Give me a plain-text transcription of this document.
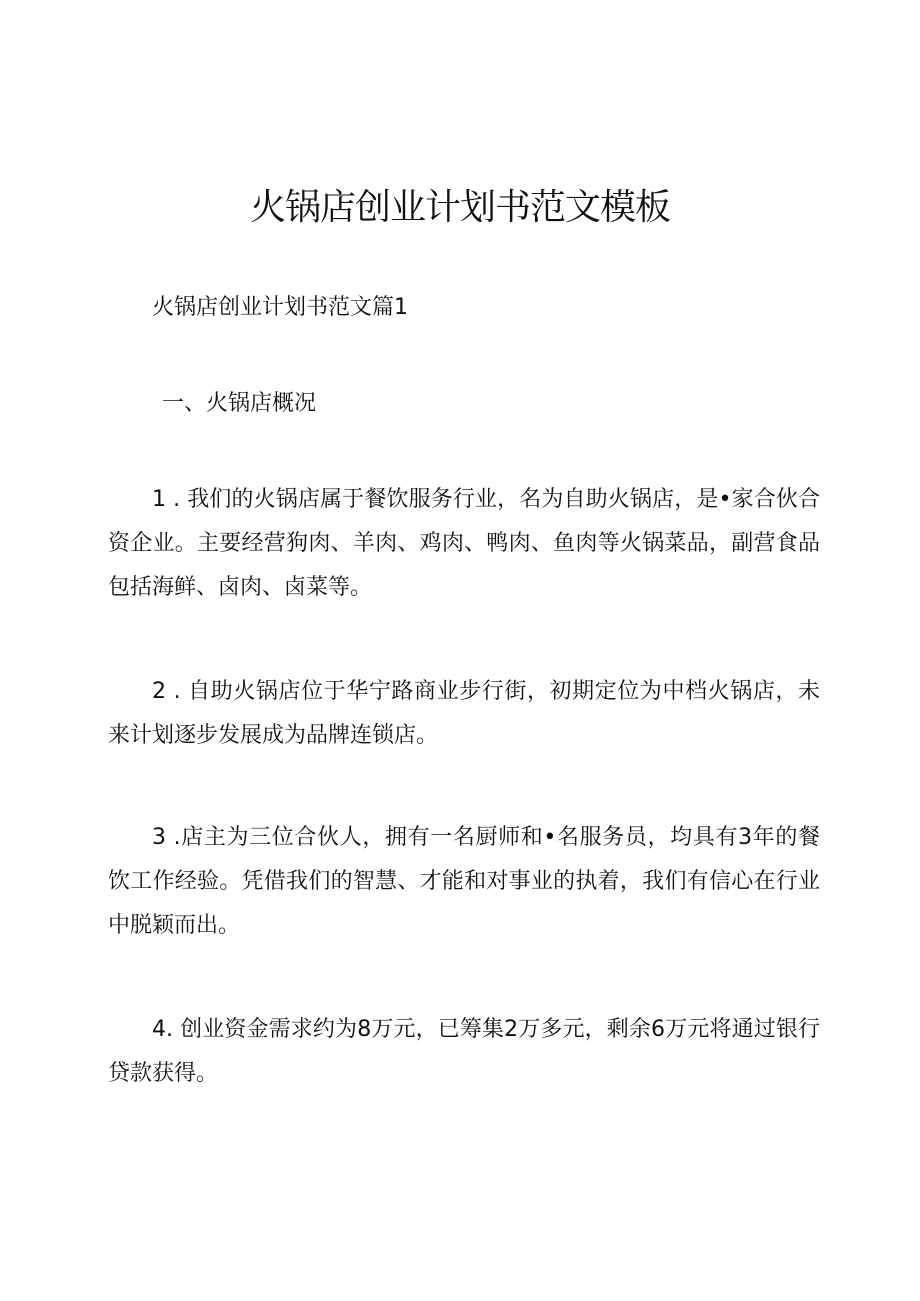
火锅店创业计划书范文模板

火锅店创业计划书范文篇1

一、火锅店概况

1 . 我们的火锅店属于餐饮服务行业，名为自助火锅店，是•家合伙合资企业。主要经营狗肉、羊肉、鸡肉、鸭肉、鱼肉等火锅菜品，副营食品包括海鲜、卤肉、卤菜等。

2 . 自助火锅店位于华宁路商业步行街，初期定位为中档火锅店，未来计划逐步发展成为品牌连锁店。

3 .店主为三位合伙人，拥有一名厨师和•名服务员，均具有3年的餐饮工作经验。凭借我们的智慧、才能和对事业的执着，我们有信心在行业中脱颖而出。

4. 创业资金需求约为8万元，已筹集2万多元，剩余6万元将通过银行贷款获得。
